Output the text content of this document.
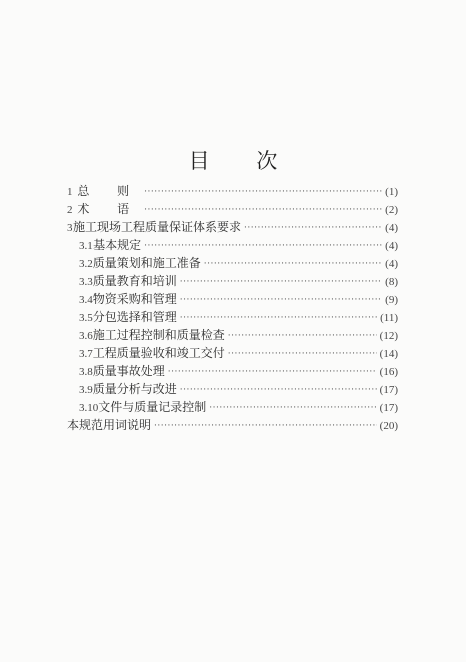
目 次
1 总 则 ·····	(1)
2 术 语 ·····	(2)
3 施工现场工程质量保证体系要求 ·····	(4)
3.1 基本规定 ·····	(4)
3.2 质量策划和施工准备 ·····	(4)
3.3 质量教育和培训 ·····	(8)
3.4 物资采购和管理 ·····	(9)
3.5 分包选择和管理 ·····	(11)
3.6 施工过程控制和质量检查 ·····	(12)
3.7 工程质量验收和竣工交付 ·····	(14)
3.8 质量事故处理 ·····	(16)
3.9 质量分析与改进 ·····	(17)
3.10 文件与质量记录控制 ·····	(17)
本规范用词说明 ·····	(20)
